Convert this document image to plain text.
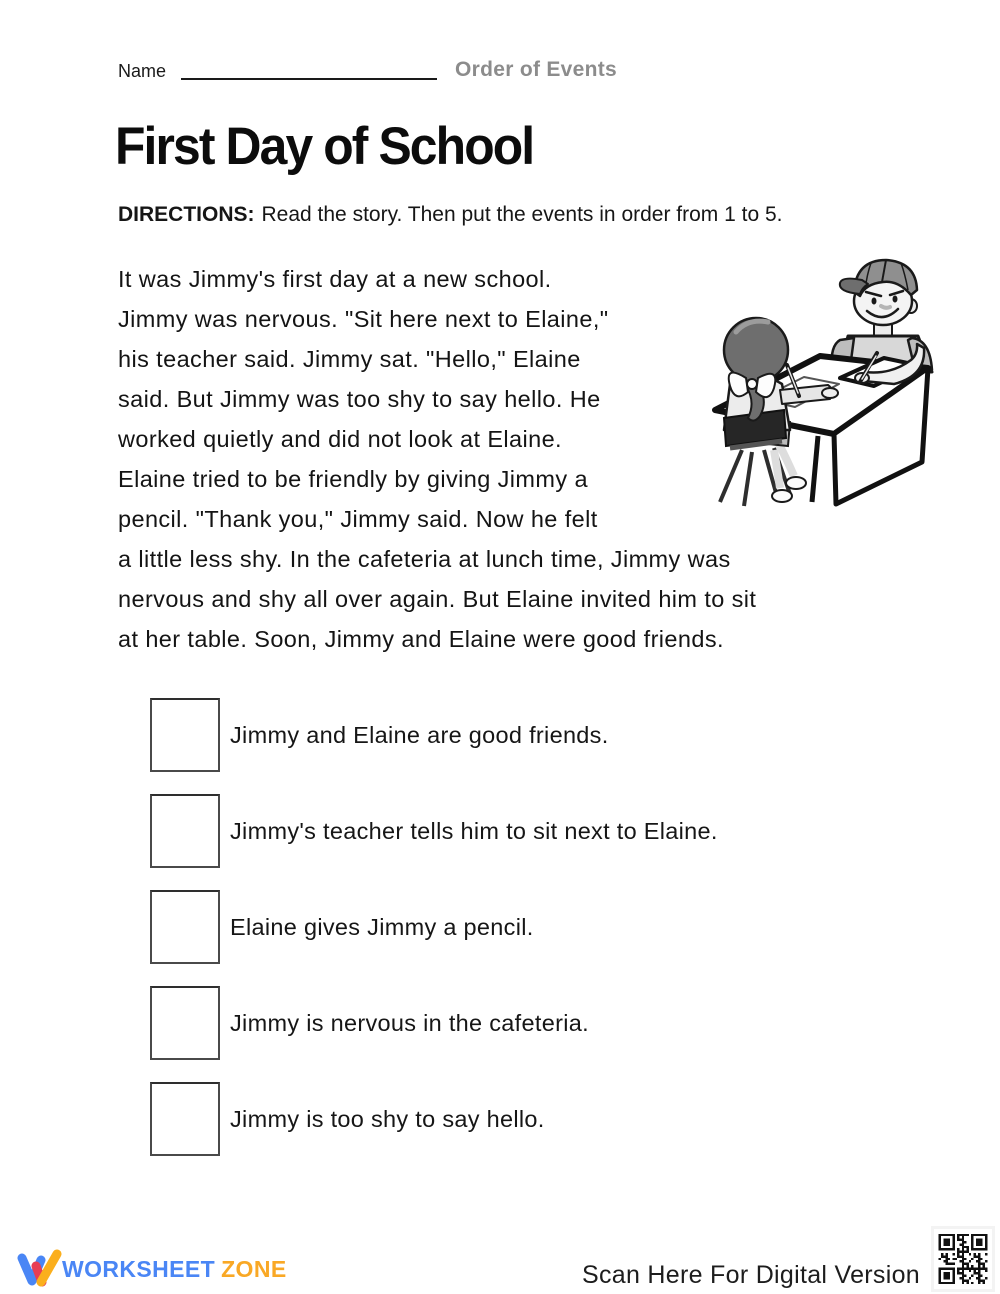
Name	Order of Events
First Day of School
DIRECTIONS: Read the story. Then put the events in order from 1 to 5.
It was Jimmy's first day at a new school.
Jimmy was nervous. "Sit here next to Elaine,"
his teacher said. Jimmy sat. "Hello," Elaine
said. But Jimmy was too shy to say hello. He
worked quietly and did not look at Elaine.
Elaine tried to be friendly by giving Jimmy a
pencil. "Thank you," Jimmy said. Now he felt
a little less shy. In the cafeteria at lunch time, Jimmy was
nervous and shy all over again. But Elaine invited him to sit
at her table. Soon, Jimmy and Elaine were good friends.
Jimmy and Elaine are good friends.
Jimmy's teacher tells him to sit next to Elaine.
Elaine gives Jimmy a pencil.
Jimmy is nervous in the cafeteria.
Jimmy is too shy to say hello.
WORKSHEET ZONE	Scan Here For Digital Version
